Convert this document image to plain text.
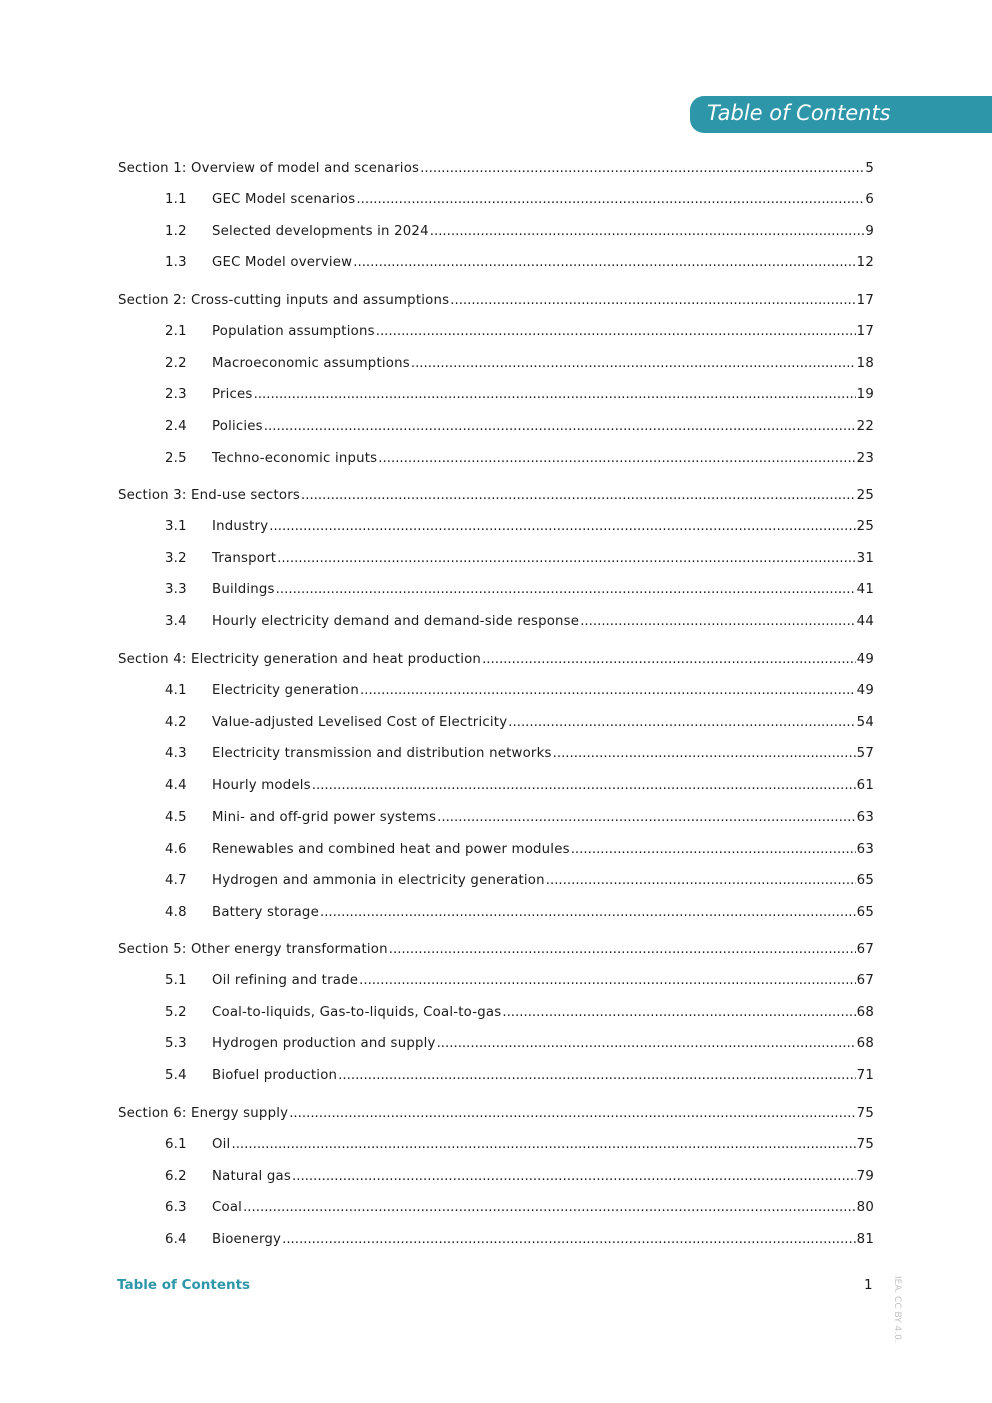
Table of Contents
Section 1: Overview of model and scenarios .....	5
1.1 GEC Model scenarios .....	6
1.2 Selected developments in 2024 .....	9
1.3 GEC Model overview .....	12
Section 2: Cross-cutting inputs and assumptions .....	17
2.1 Population assumptions .....	17
2.2 Macroeconomic assumptions .....	18
2.3 Prices .....	19
2.4 Policies .....	22
2.5 Techno-economic inputs .....	23
Section 3: End-use sectors .....	25
3.1 Industry .....	25
3.2 Transport .....	31
3.3 Buildings .....	41
3.4 Hourly electricity demand and demand-side response .....	44
Section 4: Electricity generation and heat production .....	49
4.1 Electricity generation .....	49
4.2 Value-adjusted Levelised Cost of Electricity .....	54
4.3 Electricity transmission and distribution networks .....	57
4.4 Hourly models .....	61
4.5 Mini- and off-grid power systems .....	63
4.6 Renewables and combined heat and power modules .....	63
4.7 Hydrogen and ammonia in electricity generation .....	65
4.8 Battery storage .....	65
Section 5: Other energy transformation .....	67
5.1 Oil refining and trade .....	67
5.2 Coal-to-liquids, Gas-to-liquids, Coal-to-gas .....	68
5.3 Hydrogen production and supply .....	68
5.4 Biofuel production .....	71
Section 6: Energy supply .....	75
6.1 Oil .....	75
6.2 Natural gas .....	79
6.3 Coal .....	80
6.4 Bioenergy .....	81
Table of Contents	1 IEA. CC BY 4.0.
